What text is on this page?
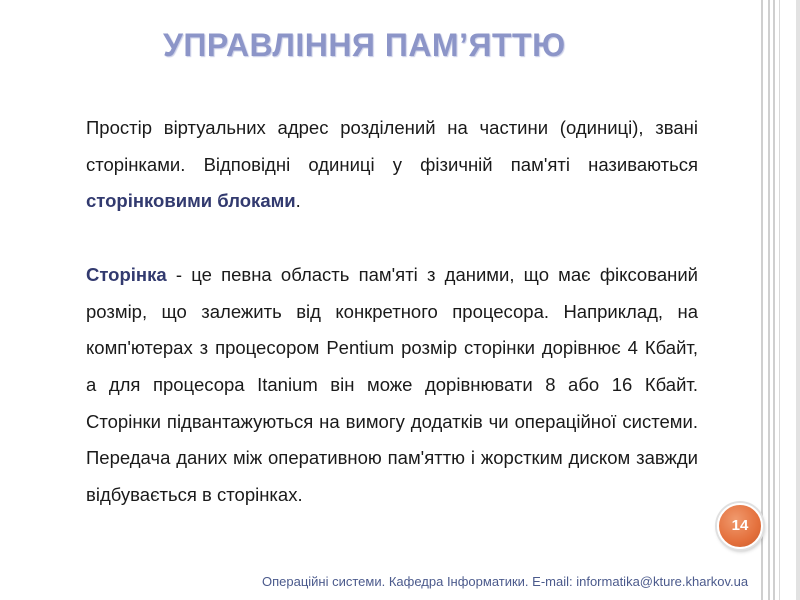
УПРАВЛІННЯ ПАМ’ЯТТЮ

Простір віртуальних адрес розділений на частини (одиниці), звані сторінками. Відповідні одиниці у фізичній пам'яті називаються сторінковими блоками.

Сторінка - це певна область пам'яті з даними, що має фіксований розмір, що залежить від конкретного процесора. Наприклад, на комп'ютерах з процесором Pentium розмір сторінки дорівнює 4 Кбайт, а для процесора Itanium він може дорівнювати 8 або 16 Кбайт. Сторінки підвантажуються на вимогу додатків чи операційної системи. Передача даних між оперативною пам'яттю і жорстким диском завжди відбувається в сторінках.

14
Операційні системи. Кафедра Інформатики. E-mail: informatika@kture.kharkov.ua
